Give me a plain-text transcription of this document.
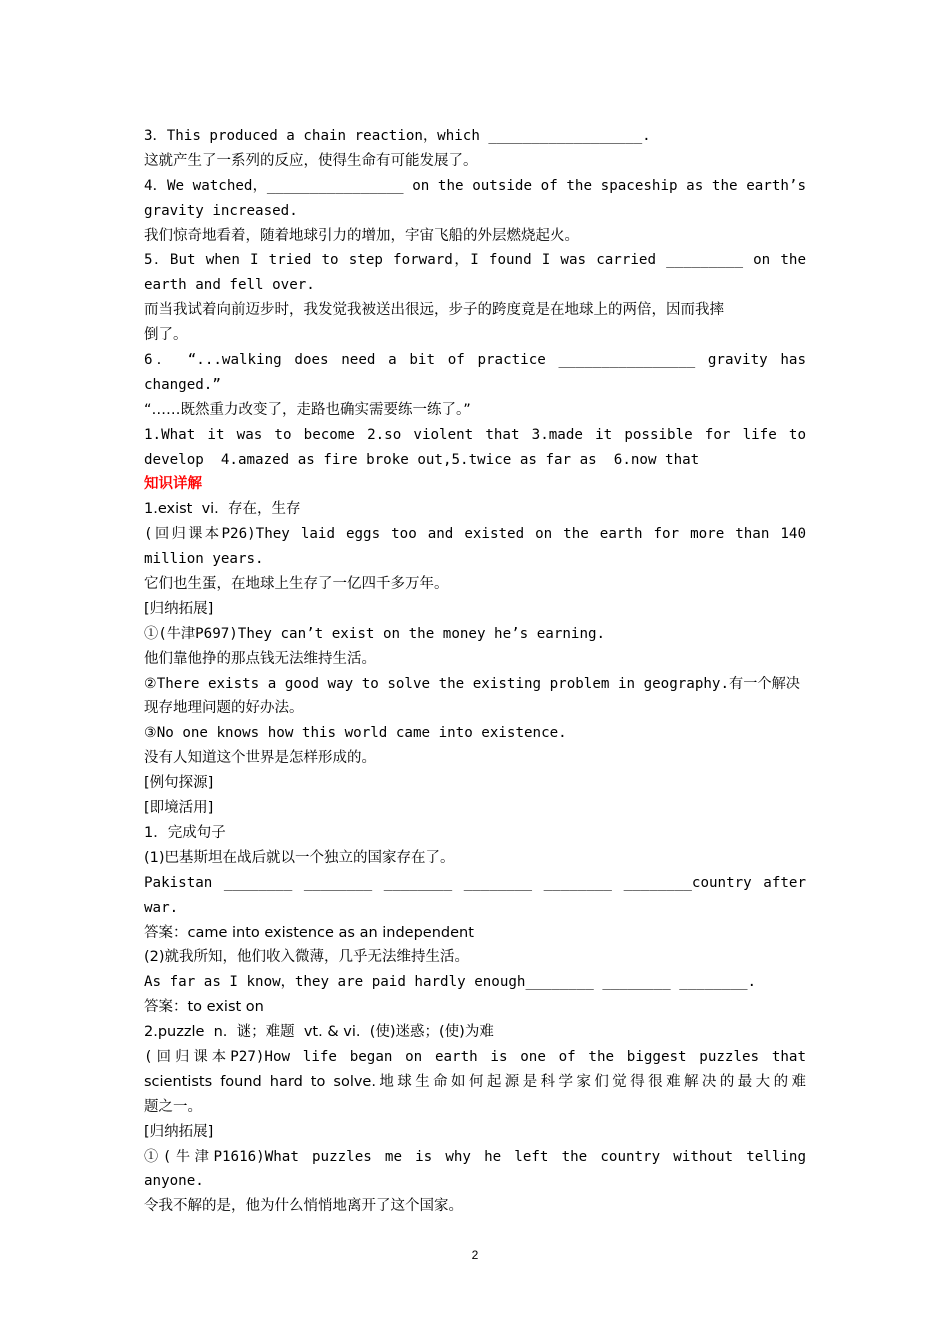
3．This produced a chain reaction，which __________________.
这就产生了一系列的反应，使得生命有可能发展了。
4．We watched，________________ on the outside of the spaceship as the earth’s
gravity increased.
我们惊奇地看着，随着地球引力的增加，宇宙飞船的外层燃烧起火。
5．But when I tried to step forward，I found I was carried _________ on the
earth and fell over.
而当我试着向前迈步时，我发觉我被送出很远，步子的跨度竟是在地球上的两倍，因而我摔
倒了。
6． “...walking does need a bit of practice ________________ gravity has
changed.”
“……既然重力改变了，走路也确实需要练一练了。”
1.What it was to become 2.so violent that 3.made it possible for life to
develop  4.amazed as fire broke out,5.twice as far as  6.now that
知识详解
1.exist  vi.  存在，生存
(回归课本P26)They laid eggs too and existed on the earth for more than 140
million years.
它们也生蛋，在地球上生存了一亿四千多万年。
[归纳拓展]
①(牛津P697)They can’t exist on the money he’s earning.
他们靠他挣的那点钱无法维持生活。
②There exists a good way to solve the existing problem in geography.有一个解决
现存地理问题的好办法。
③No one knows how this world came into existence.
没有人知道这个世界是怎样形成的。
[例句探源]
[即境活用]
1．完成句子
(1)巴基斯坦在战后就以一个独立的国家存在了。
Pakistan ________ ________ ________ ________ ________ ________country after
war.
答案：came into existence as an independent
(2)就我所知，他们收入微薄，几乎无法维持生活。
As far as I know，they are paid hardly enough________ ________ ________.
答案：to exist on
2.puzzle  n.  谜；难题  vt. & vi.  (使)迷惑；(使)为难
(回归课本P27)How life began on earth is one of the biggest puzzles that
scientists found hard to solve.地球生命如何起源是科学家们觉得很难解决的最大的难
题之一。
[归纳拓展]
①(牛津P1616)What puzzles me is why he left the country without telling
anyone.
令我不解的是，他为什么悄悄地离开了这个国家。
2
